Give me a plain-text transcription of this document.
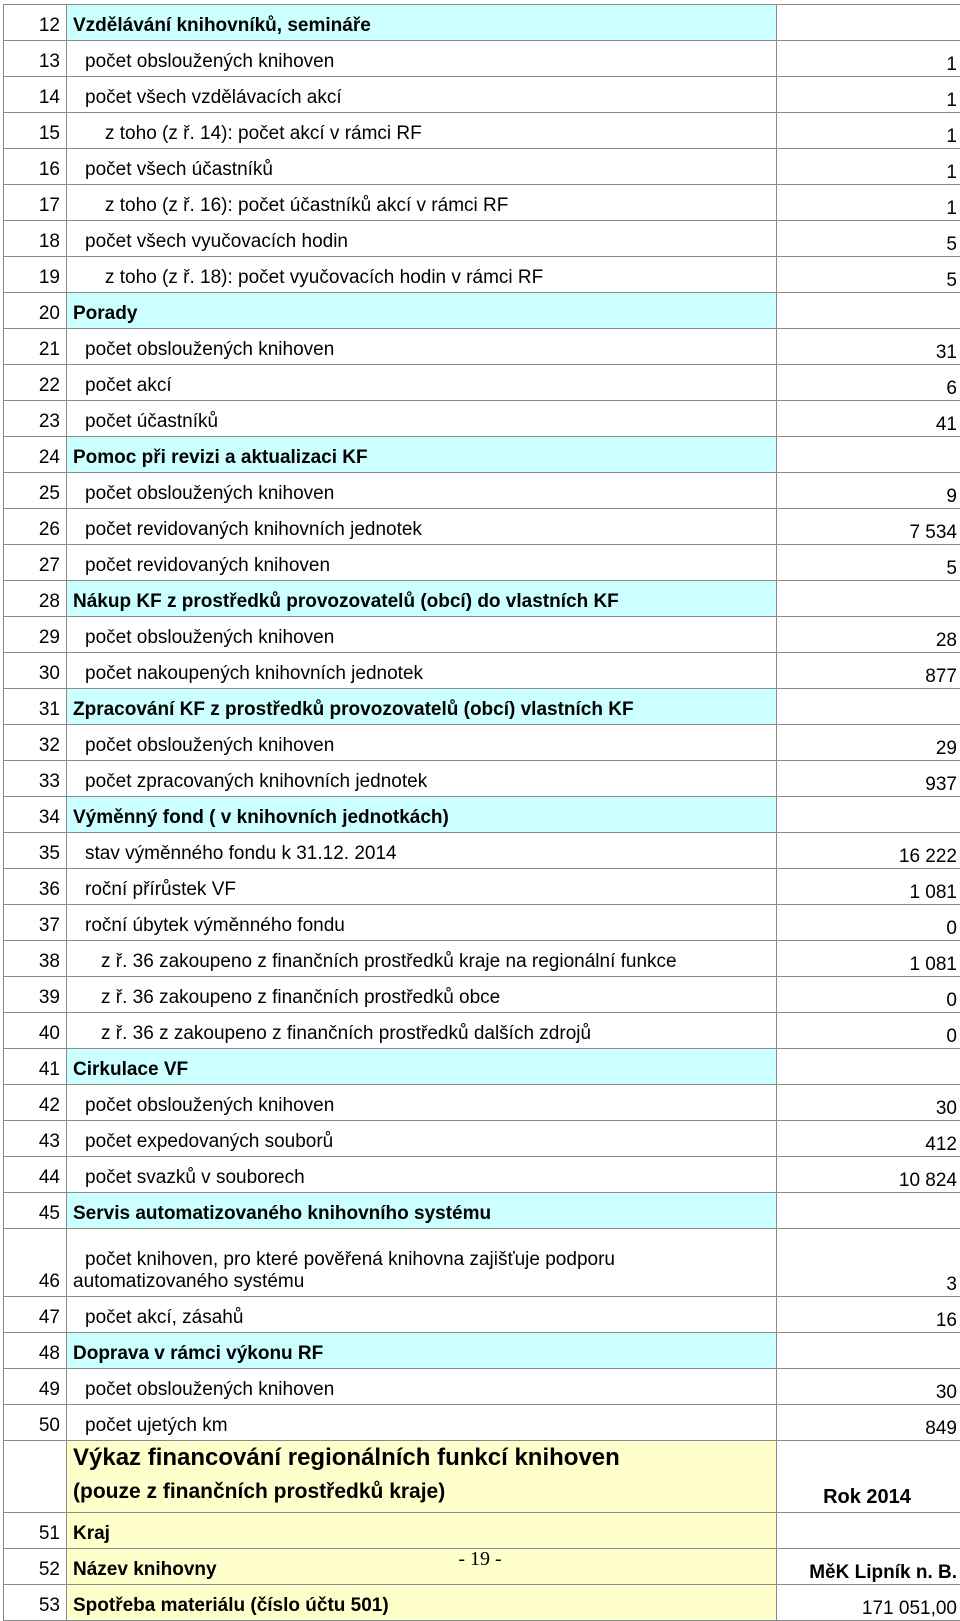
12	Vzdělávání knihovníků, semináře	
13	počet obsloužených knihoven	1
14	počet všech vzdělávacích akcí	1
15	z toho (z ř. 14): počet akcí v rámci RF	1
16	počet všech účastníků	1
17	z toho (z ř. 16): počet účastníků akcí v rámci RF	1
18	počet všech vyučovacích hodin	5
19	z toho (z ř. 18): počet vyučovacích hodin v rámci RF	5
20	Porady	
21	počet obsloužených knihoven	31
22	počet akcí	6
23	počet účastníků	41
24	Pomoc při revizi a aktualizaci KF	
25	počet obsloužených knihoven	9
26	počet revidovaných knihovních jednotek	7 534
27	počet revidovaných knihoven	5
28	Nákup KF z prostředků provozovatelů (obcí) do vlastních KF	
29	počet obsloužených knihoven	28
30	počet nakoupených knihovních jednotek	877
31	Zpracování KF z prostředků provozovatelů (obcí) vlastních KF	
32	počet obsloužených knihoven	29
33	počet zpracovaných knihovních jednotek	937
34	Výměnný fond ( v knihovních jednotkách)	
35	stav výměnného fondu k 31.12. 2014	16 222
36	roční přírůstek VF	1 081
37	roční úbytek výměnného fondu	0
38	z ř. 36 zakoupeno z finančních prostředků kraje na regionální funkce	1 081
39	z ř. 36 zakoupeno z finančních prostředků obce	0
40	z ř. 36 z zakoupeno z finančních prostředků dalších zdrojů	0
41	Cirkulace VF	
42	počet obsloužených knihoven	30
43	počet expedovaných souborů	412
44	počet svazků v souborech	10 824
45	Servis automatizovaného knihovního systému	
46	počet knihoven, pro které pověřená knihovna zajišťuje podporu automatizovaného systému	3
47	počet akcí, zásahů	16
48	Doprava v rámci výkonu RF	
49	počet obsloužených knihoven	30
50	počet ujetých km	849

	Výkaz financování regionálních funkcí knihoven
(pouze z finančních prostředků kraje)	Rok 2014
51	Kraj	
52	Název knihovny	MěK Lipník n. B.
53	Spotřeba materiálu (číslo účtu 501)	171 051,00
- 19 -
